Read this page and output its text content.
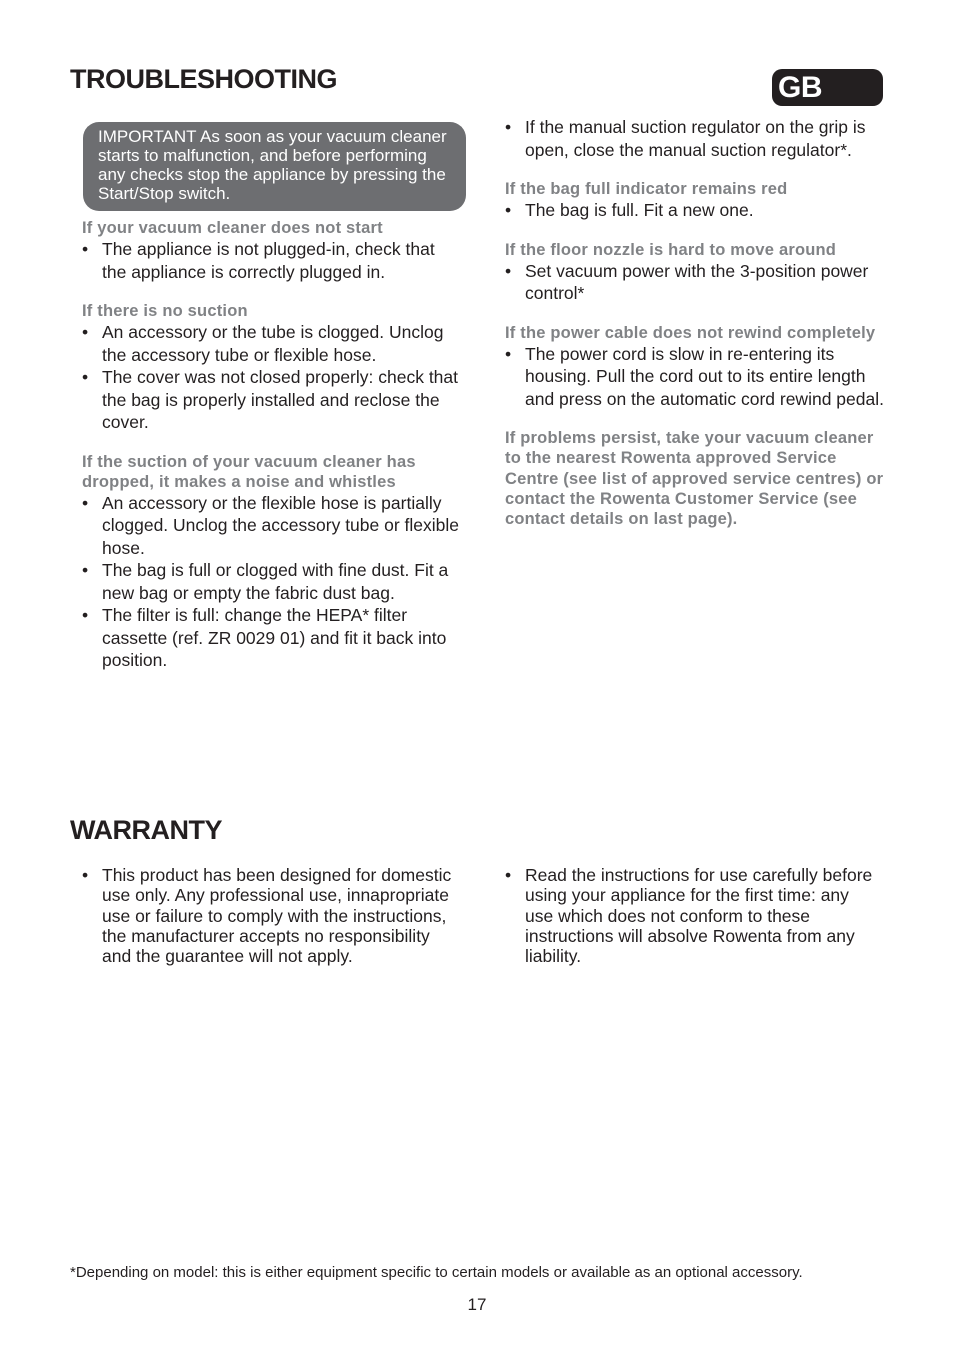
TROUBLESHOOTING	GB
IMPORTANT As soon as your vacuum cleaner starts to malfunction, and before performing any checks stop the appliance by pressing the Start/Stop switch.

If your vacuum cleaner does not start

• The appliance is not plugged-in, check that the appliance is correctly plugged in.

If there is no suction

• An accessory or the tube is clogged. Unclog the accessory tube or flexible hose.
• The cover was not closed properly: check that the bag is properly installed and reclose the cover.

If the suction of your vacuum cleaner has dropped, it makes a noise and whistles

• An accessory or the flexible hose is partially clogged. Unclog the accessory tube or flexible hose.
• The bag is full or clogged with fine dust. Fit a new bag or empty the fabric dust bag.
• The filter is full: change the HEPA* filter cassette (ref. ZR 0029 01) and fit it back into position.
• If the manual suction regulator on the grip is open, close the manual suction regulator*.

If the bag full indicator remains red

• The bag is full. Fit a new one.

If the floor nozzle is hard to move around

• Set vacuum power with the 3-position power control*

If the power cable does not rewind completely

• The power cord is slow in re-entering its housing. Pull the cord out to its entire length and press on the automatic cord rewind pedal.

If problems persist, take your vacuum cleaner to the nearest Rowenta approved Service Centre (see list of approved service centres) or contact the Rowenta Customer Service (see contact details on last page).

WARRANTY
• This product has been designed for domestic use only. Any professional use, innapropriate use or failure to comply with the instructions, the manufacturer accepts no responsibility and the guarantee will not apply.
• Read the instructions for use carefully before using your appliance for the first time: any use which does not conform to these instructions will absolve Rowenta from any liability.
*Depending on model: this is either equipment specific to certain models or available as an optional accessory.
17
